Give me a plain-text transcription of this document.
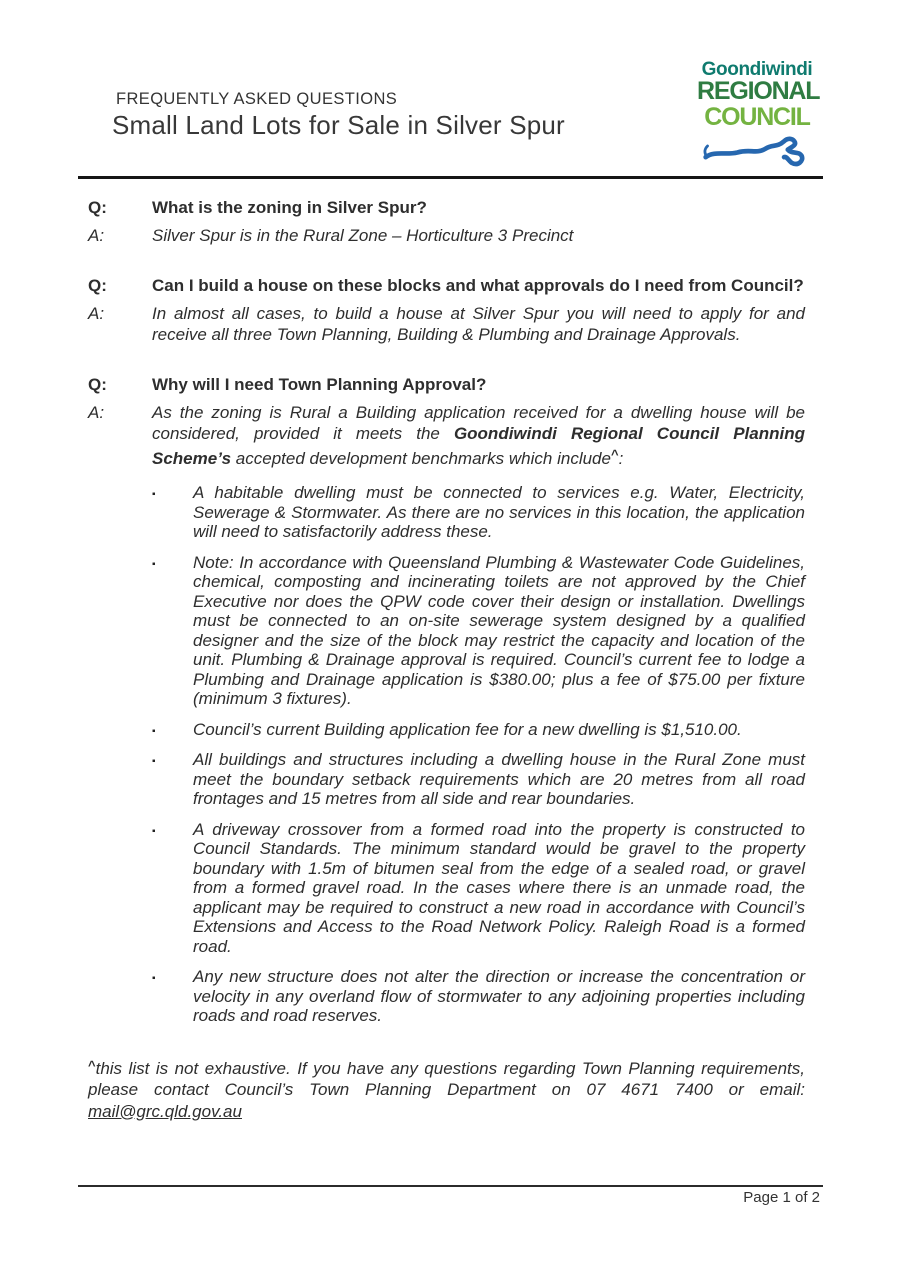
FREQUENTLY ASKED QUESTIONS
Small Land Lots for Sale in Silver Spur
Goondiwindi
REGIONAL
COUNCIL
Q:	What is the zoning in Silver Spur?
A:	Silver Spur is in the Rural Zone – Horticulture 3 Precinct
Q:	Can I build a house on these blocks and what approvals do I need from Council?
A:	In almost all cases, to build a house at Silver Spur you will need to apply for and receive all three Town Planning, Building & Plumbing and Drainage Approvals.
Q:	Why will I need Town Planning Approval?
A:	As the zoning is Rural a Building application received for a dwelling house will be considered, provided it meets the Goondiwindi Regional Council Planning Scheme’s accepted development benchmarks which include^:
▪	A habitable dwelling must be connected to services e.g. Water, Electricity, Sewerage & Stormwater. As there are no services in this location, the application will need to satisfactorily address these.
▪	Note: In accordance with Queensland Plumbing & Wastewater Code Guidelines, chemical, composting and incinerating toilets are not approved by the Chief Executive nor does the QPW code cover their design or installation. Dwellings must be connected to an on-site sewerage system designed by a qualified designer and the size of the block may restrict the capacity and location of the unit. Plumbing & Drainage approval is required. Council’s current fee to lodge a Plumbing and Drainage application is $380.00; plus a fee of $75.00 per fixture (minimum 3 fixtures).
▪	Council’s current Building application fee for a new dwelling is $1,510.00.
▪	All buildings and structures including a dwelling house in the Rural Zone must meet the boundary setback requirements which are 20 metres from all road frontages and 15 metres from all side and rear boundaries.
▪	A driveway crossover from a formed road into the property is constructed to Council Standards. The minimum standard would be gravel to the property boundary with 1.5m of bitumen seal from the edge of a sealed road, or gravel from a formed gravel road. In the cases where there is an unmade road, the applicant may be required to construct a new road in accordance with Council’s Extensions and Access to the Road Network Policy. Raleigh Road is a formed road.
▪	Any new structure does not alter the direction or increase the concentration or velocity in any overland flow of stormwater to any adjoining properties including roads and road reserves.
^this list is not exhaustive. If you have any questions regarding Town Planning requirements, please contact Council’s Town Planning Department on 07 4671 7400 or email: mail@grc.qld.gov.au
Page 1 of 2
